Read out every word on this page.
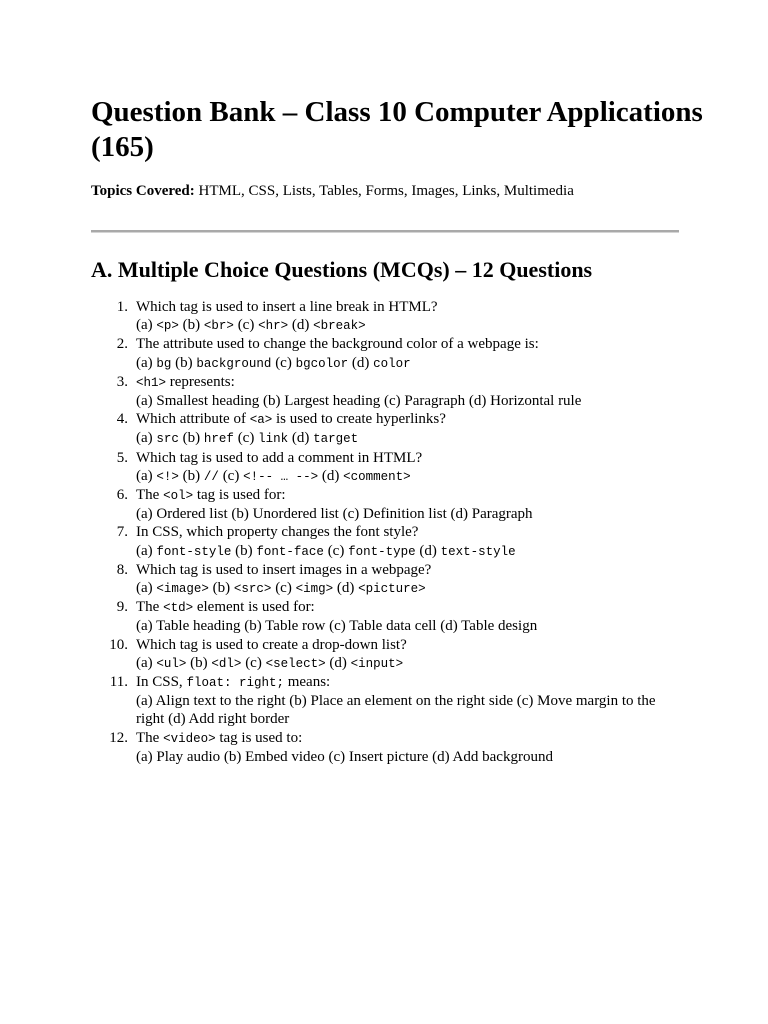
Question Bank – Class 10 Computer Applications (165)
Topics Covered: HTML, CSS, Lists, Tables, Forms, Images, Links, Multimedia
A. Multiple Choice Questions (MCQs) – 12 Questions
1. Which tag is used to insert a line break in HTML?
(a) <p> (b) <br> (c) <hr> (d) <break>
2. The attribute used to change the background color of a webpage is:
(a) bg (b) background (c) bgcolor (d) color
3. <h1> represents:
(a) Smallest heading (b) Largest heading (c) Paragraph (d) Horizontal rule
4. Which attribute of <a> is used to create hyperlinks?
(a) src (b) href (c) link (d) target
5. Which tag is used to add a comment in HTML?
(a) <!> (b) // (c) <!-- … --> (d) <comment>
6. The <ol> tag is used for:
(a) Ordered list (b) Unordered list (c) Definition list (d) Paragraph
7. In CSS, which property changes the font style?
(a) font-style (b) font-face (c) font-type (d) text-style
8. Which tag is used to insert images in a webpage?
(a) <image> (b) <src> (c) <img> (d) <picture>
9. The <td> element is used for:
(a) Table heading (b) Table row (c) Table data cell (d) Table design
10. Which tag is used to create a drop-down list?
(a) <ul> (b) <dl> (c) <select> (d) <input>
11. In CSS, float: right; means:
(a) Align text to the right (b) Place an element on the right side (c) Move margin to the right (d) Add right border
12. The <video> tag is used to:
(a) Play audio (b) Embed video (c) Insert picture (d) Add background
